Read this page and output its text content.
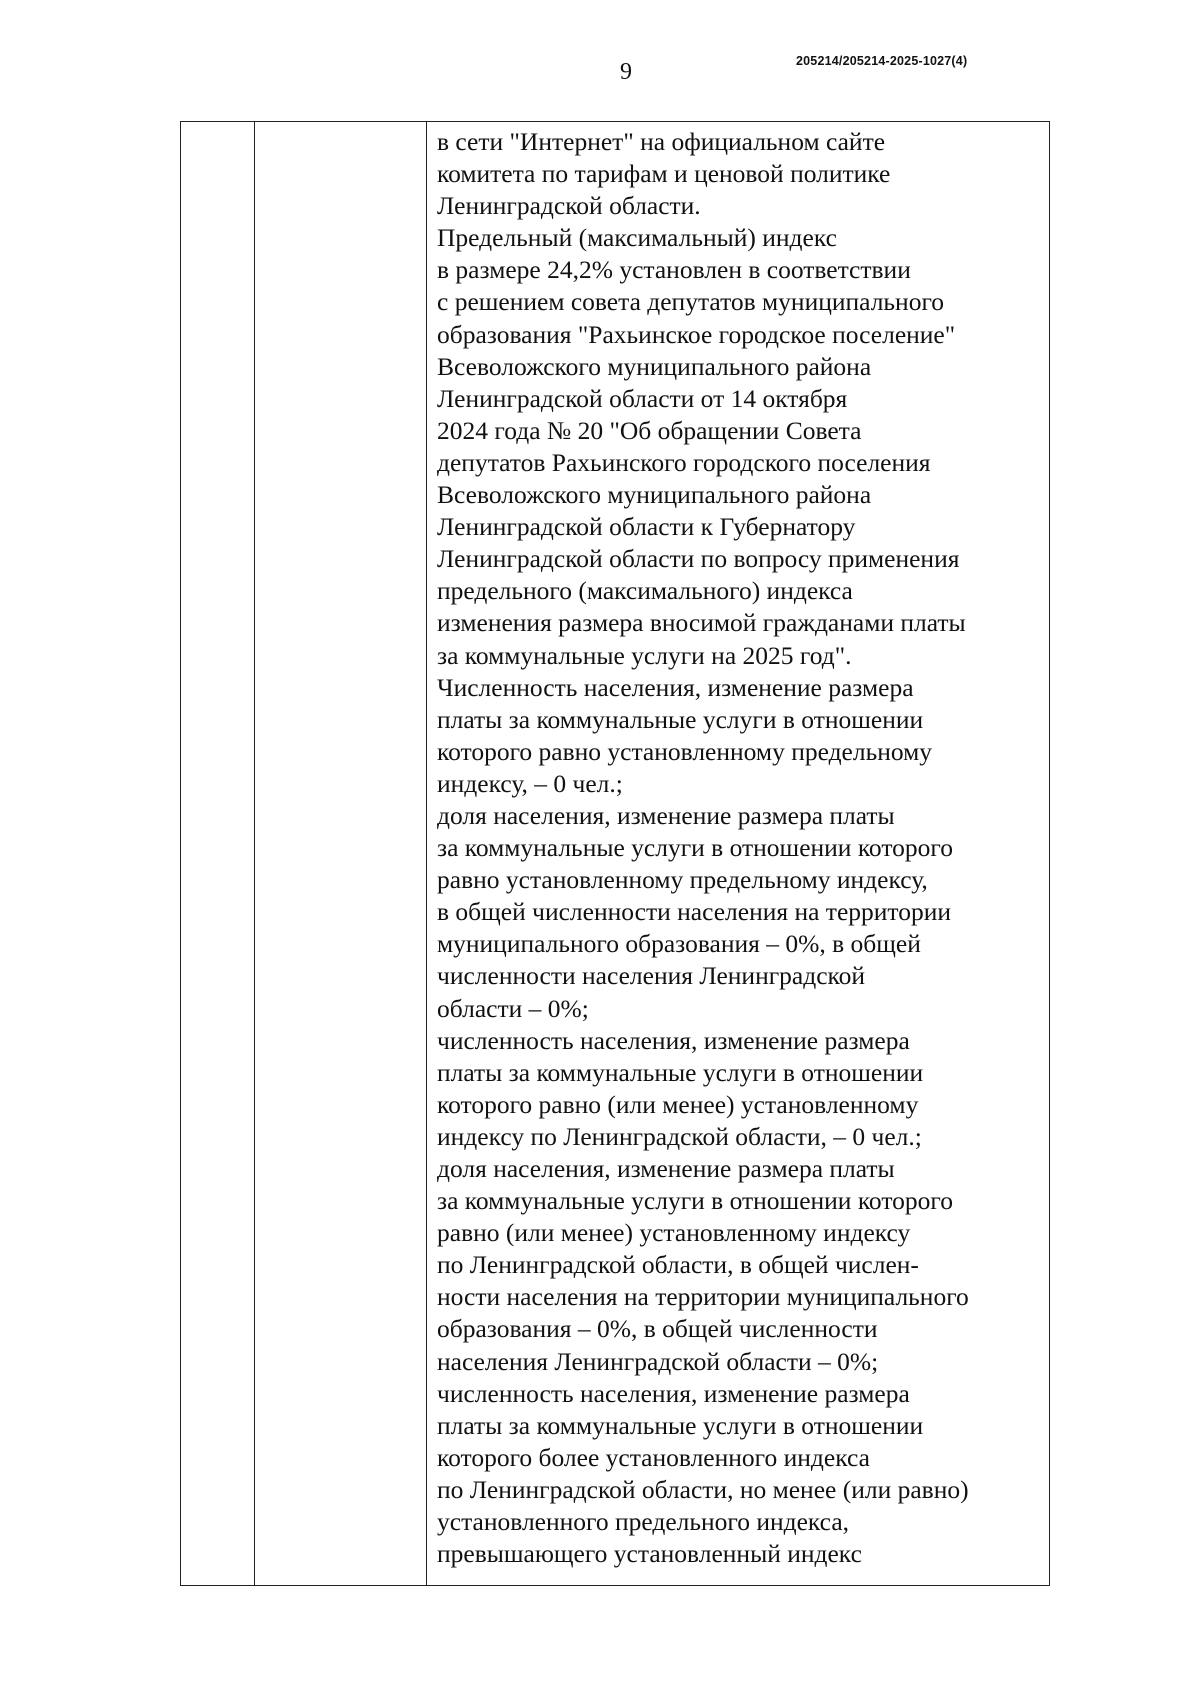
9	205214/205214-2025-1027(4)

в сети "Интернет" на официальном сайте
комитета по тарифам и ценовой политике
Ленинградской области.
Предельный (максимальный) индекс
в размере 24,2% установлен в соответствии
с решением совета депутатов муниципального
образования "Рахьинское городское поселение"
Всеволожского муниципального района
Ленинградской области от 14 октября
2024 года № 20 "Об обращении Совета
депутатов Рахьинского городского поселения
Всеволожского муниципального района
Ленинградской области к Губернатору
Ленинградской области по вопросу применения
предельного (максимального) индекса
изменения размера вносимой гражданами платы
за коммунальные услуги на 2025 год".
Численность населения, изменение размера
платы за коммунальные услуги в отношении
которого равно установленному предельному
индексу, – 0 чел.;
доля населения, изменение размера платы
за коммунальные услуги в отношении которого
равно установленному предельному индексу,
в общей численности населения на территории
муниципального образования – 0%, в общей
численности населения Ленинградской
области – 0%;
численность населения, изменение размера
платы за коммунальные услуги в отношении
которого равно (или менее) установленному
индексу по Ленинградской области, – 0 чел.;
доля населения, изменение размера платы
за коммунальные услуги в отношении которого
равно (или менее) установленному индексу
по Ленинградской области, в общей числен-
ности населения на территории муниципального
образования – 0%, в общей численности
населения Ленинградской области – 0%;
численность населения, изменение размера
платы за коммунальные услуги в отношении
которого более установленного индекса
по Ленинградской области, но менее (или равно)
установленного предельного индекса,
превышающего установленный индекс
